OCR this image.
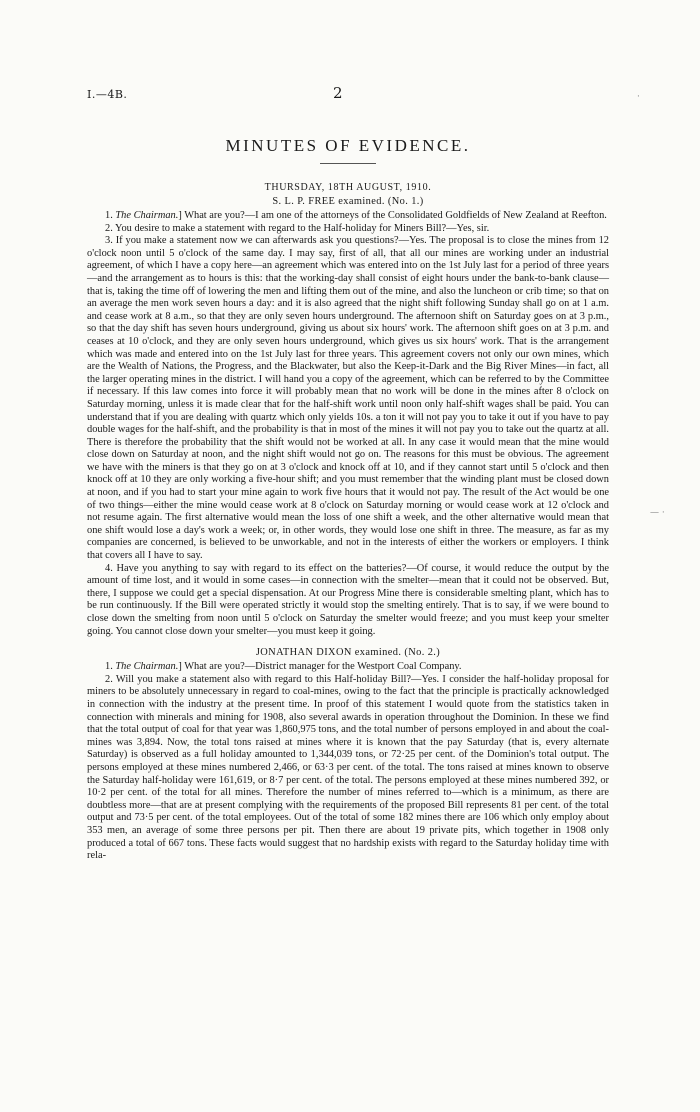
·
— ·
I.—4B.	2
MINUTES OF EVIDENCE.
THURSDAY, 18TH AUGUST, 1910.
S. L. P. FREE examined. (No. 1.)

1. The Chairman.] What are you?—I am one of the attorneys of the Consolidated Goldfields of New Zealand at Reefton.

2. You desire to make a statement with regard to the Half-holiday for Miners Bill?—Yes, sir.

3. If you make a statement now we can afterwards ask you questions?—Yes. The proposal is to close the mines from 12 o'clock noon until 5 o'clock of the same day. I may say, first of all, that all our mines are working under an industrial agreement, of which I have a copy here—an agreement which was entered into on the 1st July last for a period of three years—and the arrangement as to hours is this: that the working-day shall consist of eight hours under the bank-to-bank clause—that is, taking the time off of lowering the men and lifting them out of the mine, and also the luncheon or crib time; so that on an average the men work seven hours a day: and it is also agreed that the night shift following Sunday shall go on at 1 a.m. and cease work at 8 a.m., so that they are only seven hours underground. The afternoon shift on Saturday goes on at 3 p.m., so that the day shift has seven hours underground, giving us about six hours' work. The afternoon shift goes on at 3 p.m. and ceases at 10 o'clock, and they are only seven hours underground, which gives us six hours' work. That is the arrangement which was made and entered into on the 1st July last for three years. This agreement covers not only our own mines, which are the Wealth of Nations, the Progress, and the Blackwater, but also the Keep-it-Dark and the Big River Mines—in fact, all the larger operating mines in the district. I will hand you a copy of the agreement, which can be referred to by the Committee if necessary. If this law comes into force it will probably mean that no work will be done in the mines after 8 o'clock on Saturday morning, unless it is made clear that for the half-shift work until noon only half-shift wages shall be paid. You can understand that if you are dealing with quartz which only yields 10s. a ton it will not pay you to take it out if you have to pay double wages for the half-shift, and the probability is that in most of the mines it will not pay you to take out the quartz at all. There is therefore the probability that the shift would not be worked at all. In any case it would mean that the mine would close down on Saturday at noon, and the night shift would not go on. The reasons for this must be obvious. The agreement we have with the miners is that they go on at 3 o'clock and knock off at 10, and if they cannot start until 5 o'clock and then knock off at 10 they are only working a five-hour shift; and you must remember that the winding plant must be closed down at noon, and if you had to start your mine again to work five hours that it would not pay. The result of the Act would be one of two things—either the mine would cease work at 8 o'clock on Saturday morning or would cease work at 12 o'clock and not resume again. The first alternative would mean the loss of one shift a week, and the other alternative would mean that one shift would lose a day's work a week; or, in other words, they would lose one shift in three. The measure, as far as my companies are concerned, is believed to be unworkable, and not in the interests of either the workers or employers. I think that covers all I have to say.

4. Have you anything to say with regard to its effect on the batteries?—Of course, it would reduce the output by the amount of time lost, and it would in some cases—in connection with the smelter—mean that it could not be observed. But, there, I suppose we could get a special dispensation. At our Progress Mine there is considerable smelting plant, which has to be run continuously. If the Bill were operated strictly it would stop the smelting entirely. That is to say, if we were bound to close down the smelting from noon until 5 o'clock on Saturday the smelter would freeze; and you must keep your smelter going. You cannot close down your smelter—you must keep it going.

JONATHAN DIXON examined. (No. 2.)

1. The Chairman.] What are you?—District manager for the Westport Coal Company.

2. Will you make a statement also with regard to this Half-holiday Bill?—Yes. I consider the half-holiday proposal for miners to be absolutely unnecessary in regard to coal-mines, owing to the fact that the principle is practically acknowledged in connection with the industry at the present time. In proof of this statement I would quote from the statistics taken in connection with minerals and mining for 1908, also several awards in operation throughout the Dominion. In these we find that the total output of coal for that year was 1,860,975 tons, and the total number of persons employed in and about the coal-mines was 3,894. Now, the total tons raised at mines where it is known that the pay Saturday (that is, every alternate Saturday) is observed as a full holiday amounted to 1,344,039 tons, or 72·25 per cent. of the Dominion's total output. The persons employed at these mines numbered 2,466, or 63·3 per cent. of the total. The tons raised at mines known to observe the Saturday half-holiday were 161,619, or 8·7 per cent. of the total. The persons employed at these mines numbered 392, or 10·2 per cent. of the total for all mines. Therefore the number of mines referred to—which is a minimum, as there are doubtless more—that are at present complying with the requirements of the proposed Bill represents 81 per cent. of the total output and 73·5 per cent. of the total employees. Out of the total of some 182 mines there are 106 which only employ about 353 men, an average of some three persons per pit. Then there are about 19 private pits, which together in 1908 only produced a total of 667 tons. These facts would suggest that no hardship exists with regard to the Saturday holiday time with rela-
